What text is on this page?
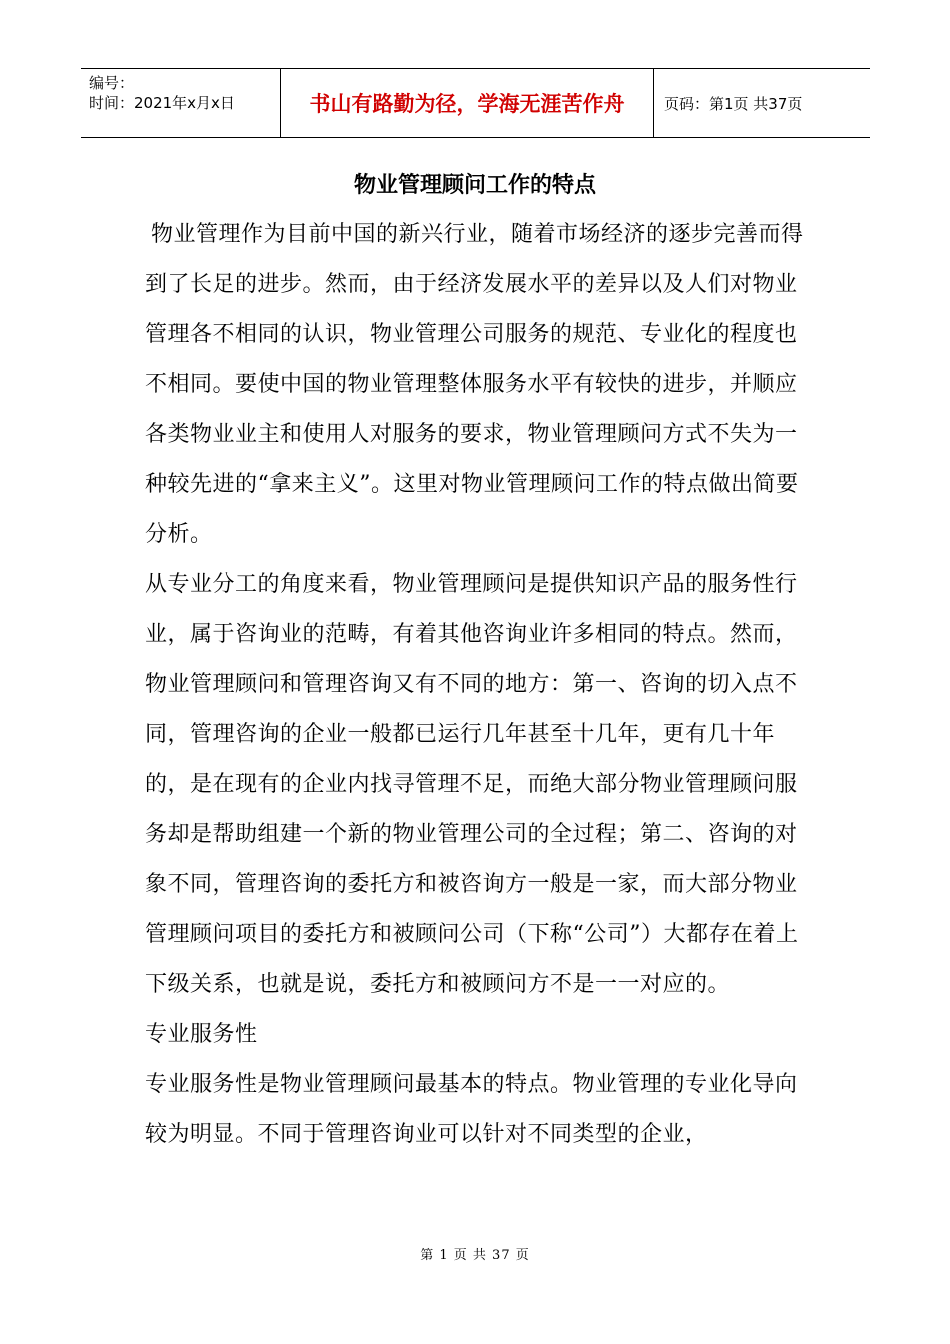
编号：
时间：2021年x月x日	书山有路勤为径，学海无涯苦作舟	页码：第1页 共37页
物业管理顾问工作的特点

物业管理作为目前中国的新兴行业，随着市场经济的逐步完善而得到了长足的进步。然而，由于经济发展水平的差异以及人们对物业管理各不相同的认识，物业管理公司服务的规范、专业化的程度也不相同。要使中国的物业管理整体服务水平有较快的进步，并顺应各类物业业主和使用人对服务的要求，物业管理顾问方式不失为一种较先进的“拿来主义”。这里对物业管理顾问工作的特点做出简要分析。

从专业分工的角度来看，物业管理顾问是提供知识产品的服务性行业，属于咨询业的范畴，有着其他咨询业许多相同的特点。然而，物业管理顾问和管理咨询又有不同的地方：第一、咨询的切入点不同，管理咨询的企业一般都已运行几年甚至十几年，更有几十年的，是在现有的企业内找寻管理不足，而绝大部分物业管理顾问服务却是帮助组建一个新的物业管理公司的全过程；第二、咨询的对象不同，管理咨询的委托方和被咨询方一般是一家，而大部分物业管理顾问项目的委托方和被顾问公司（下称“公司”）大都存在着上下级关系，也就是说，委托方和被顾问方不是一一对应的。

专业服务性

专业服务性是物业管理顾问最基本的特点。物业管理的专业化导向较为明显。不同于管理咨询业可以针对不同类型的企业，

第 1 页 共 37 页
